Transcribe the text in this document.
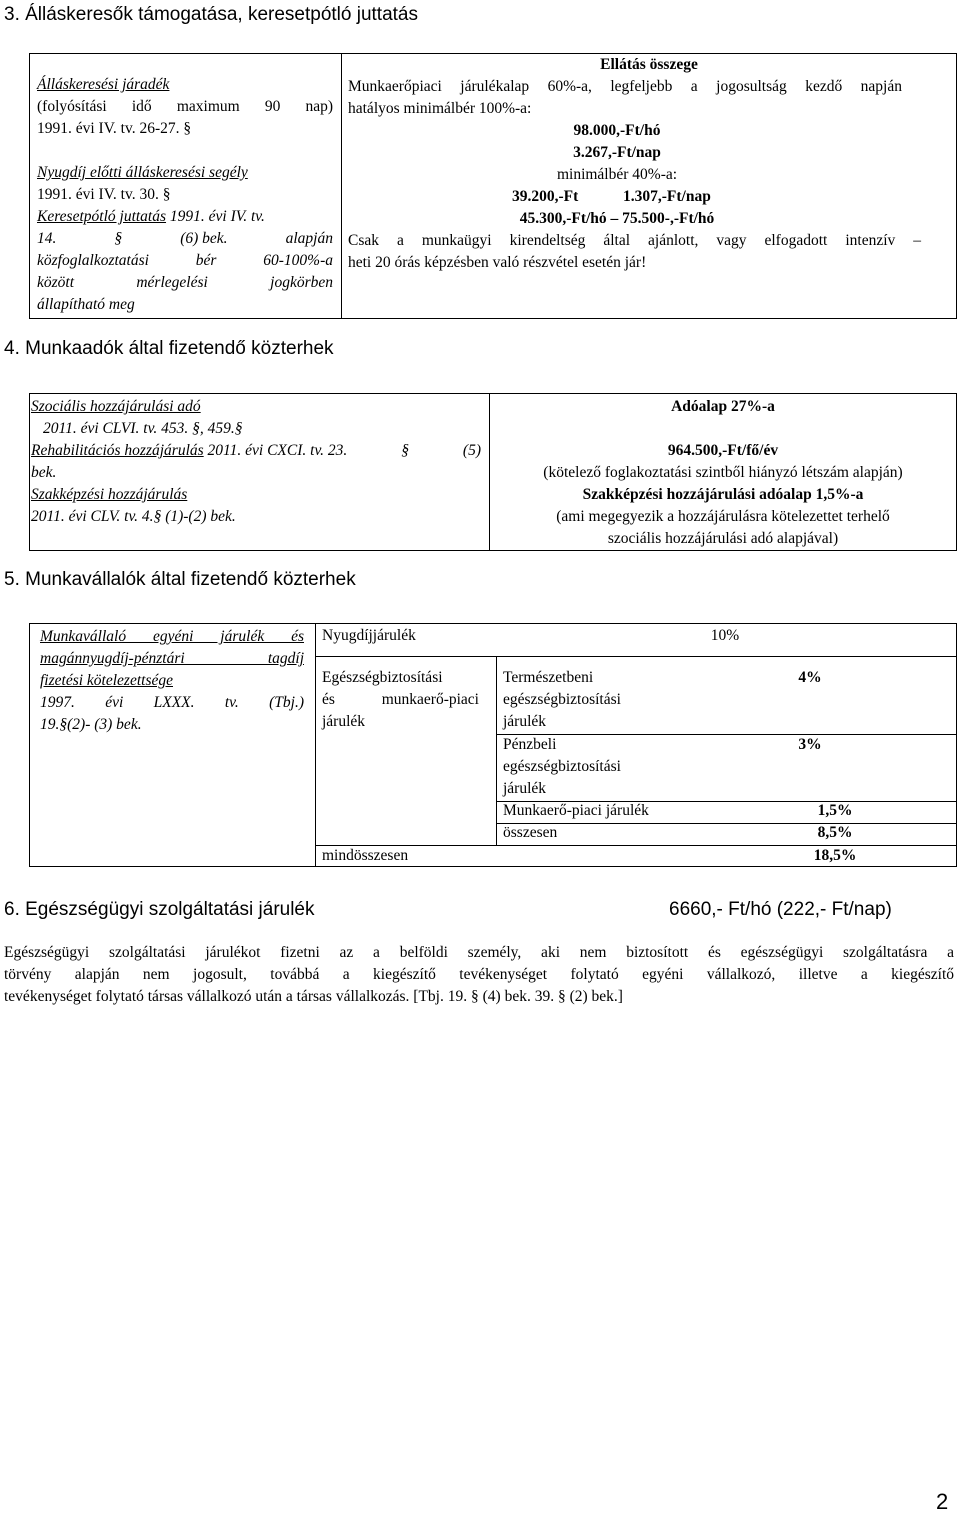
3. Álláskeresők támogatása, keresetpótló juttatás
Álláskeresési járadék
(folyósítási idő maximum 90 nap)
1991. évi IV. tv. 26-27. §
Nyugdíj előtti álláskeresési segély
1991. évi IV. tv. 30. §
Keresetpótló juttatás 1991. évi IV. tv.
14.	§	(6) bek.	alapján
közfoglalkoztatási bér 60-100%-a
között mérlegelési jogkörben
állapítható meg
Ellátás összege
Munkaerőpiaci járulékalap 60%-a, legfeljebb a jogosultság kezdő napján
hatályos minimálbér 100%-a:
98.000,-Ft/hó
3.267,-Ft/nap
minimálbér 40%-a:
39.200,-Ft	1.307,-Ft/nap
45.300,-Ft/hó – 75.500-,-Ft/hó
Csak a munkaügyi kirendeltség által ajánlott, vagy elfogadott intenzív –
heti 20 órás képzésben való részvétel esetén jár!
4. Munkaadók által fizetendő közterhek
Szociális hozzájárulási adó
2011. évi CLVI. tv. 453. §, 459.§
Rehabilitációs hozzájárulás 2011. évi CXCI. tv. 23.	§	(5)
bek.
Szakképzési hozzájárulás
2011. évi CLV. tv. 4.§ (1)-(2) bek.
Adóalap 27%-a
964.500,-Ft/fő/év
(kötelező foglakoztatási szintből hiányzó létszám alapján)
Szakképzési hozzájárulási adóalap 1,5%-a
(ami megegyezik a hozzájárulásra kötelezettet terhelő
szociális hozzájárulási adó alapjával)
5. Munkavállalók által fizetendő közterhek
Munkavállaló egyéni járulék és
magánnyugdíj-pénztári tagdíj
fizetési kötelezettsége
1997. évi LXXX. tv. (Tbj.)
19.§(2)- (3) bek.
Nyugdíjjárulék	10%
Egészségbiztosítási
és munkaerő-piaci
járulék
Természetbeni
egészségbiztosítási
járulék
4%
Pénzbeli
egészségbiztosítási
járulék
3%
Munkaerő-piaci járulék	1,5%
összesen	8,5%
mindösszesen	18,5%
6. Egészségügyi szolgáltatási járulék	6660,- Ft/hó (222,- Ft/nap)
Egészségügyi szolgáltatási járulékot fizetni az a belföldi személy, aki nem biztosított és egészségügyi szolgáltatásra a
törvény alapján nem jogosult, továbbá a kiegészítő tevékenységet folytató egyéni vállalkozó, illetve a kiegészítő
tevékenységet folytató társas vállalkozó után a társas vállalkozás. [Tbj. 19. § (4) bek. 39. § (2) bek.]
2
